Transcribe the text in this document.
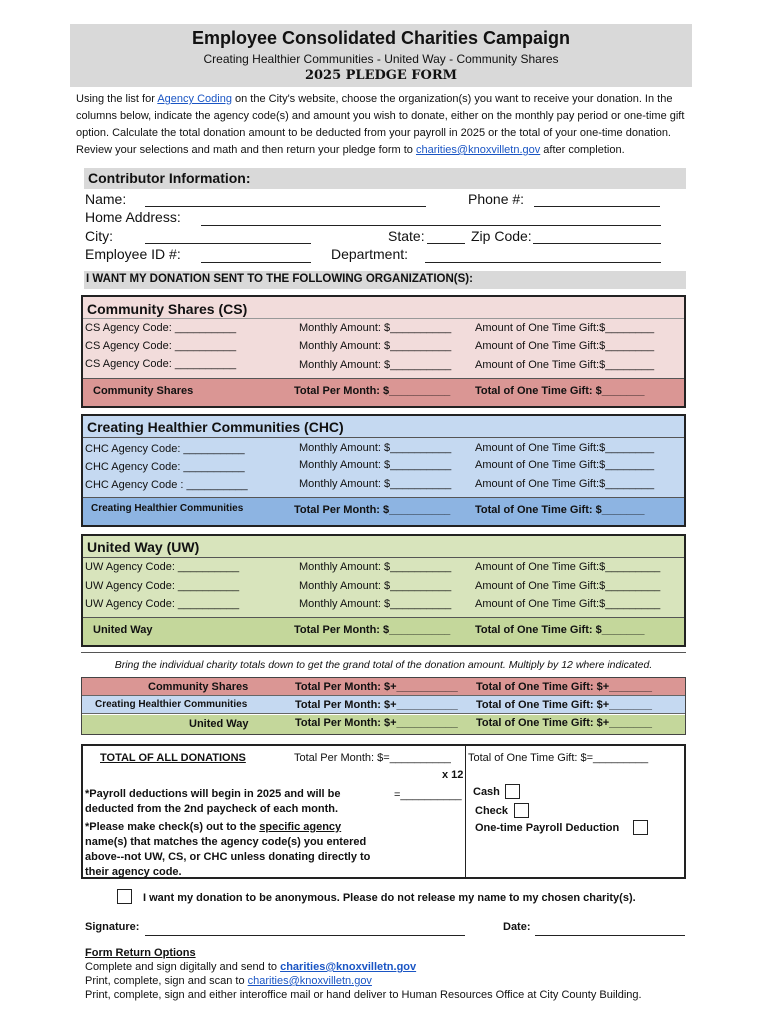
Employee Consolidated Charities Campaign
Creating Healthier Communities - United Way - Community Shares
2025 PLEDGE FORM
Using the list for Agency Coding on the City's website, choose the organization(s) you want to receive your donation. In the columns below, indicate the agency code(s) and amount you wish to donate, either on the monthly pay period or one-time gift option. Calculate the total donation amount to be deducted from your payroll in 2025 or the total of your one-time donation. Review your selections and math and then return your pledge form to charities@knoxvilletn.gov after completion.
Contributor Information:
Name:	Phone #:
Home Address:
City:	State:	Zip Code:
Employee ID #:	Department:
I WANT MY DONATION SENT TO THE FOLLOWING ORGANIZATION(S):
Community Shares (CS)
CS Agency Code: __________	Monthly Amount: $__________ Amount of One Time Gift:$________
CS Agency Code: __________	Monthly Amount: $__________ Amount of One Time Gift:$________
CS Agency Code: __________	Monthly Amount: $__________ Amount of One Time Gift:$________
Community Shares	Total Per Month: $__________ Total of One Time Gift: $_______
Creating Healthier Communities (CHC)
CHC Agency Code: __________	Monthly Amount: $__________ Amount of One Time Gift:$________
CHC Agency Code: __________	Monthly Amount: $__________ Amount of One Time Gift:$________
CHC Agency Code : __________	Monthly Amount: $__________ Amount of One Time Gift:$________
Creating Healthier Communities	Total Per Month: $__________ Total of One Time Gift: $_______
United Way (UW)
UW Agency Code: __________	Monthly Amount: $__________ Amount of One Time Gift:$_________
UW Agency Code: __________	Monthly Amount: $__________ Amount of One Time Gift:$_________
UW Agency Code: __________	Monthly Amount: $__________ Amount of One Time Gift:$_________
United Way	Total Per Month: $__________ Total of One Time Gift: $_______
Bring the individual charity totals down to get the grand total of the donation amount. Multiply by 12 where indicated.
Community Shares	Total Per Month: $+__________ Total of One Time Gift: $+_______
Creating Healthier Communities	Total Per Month: $+__________ Total of One Time Gift: $+_______
United Way	Total Per Month: $+__________ Total of One Time Gift: $+_______
TOTAL OF ALL DONATIONS	Total Per Month: $=__________ Total of One Time Gift: $=_________
x 12
=__________
*Payroll deductions will begin in 2025 and will be deducted from the 2nd paycheck of each month.
*Please make check(s) out to the specific agency name(s) that matches the agency code(s) you entered above--not UW, CS, or CHC unless donating directly to their agency code.
Cash
Check
One-time Payroll Deduction
I want my donation to be anonymous. Please do not release my name to my chosen charity(s).
Signature:	Date:
Form Return Options
Complete and sign digitally and send to charities@knoxvilletn.gov
Print, complete, sign and scan to charities@knoxvilletn.gov
Print, complete, sign and either interoffice mail or hand deliver to Human Resources Office at City County Building.
